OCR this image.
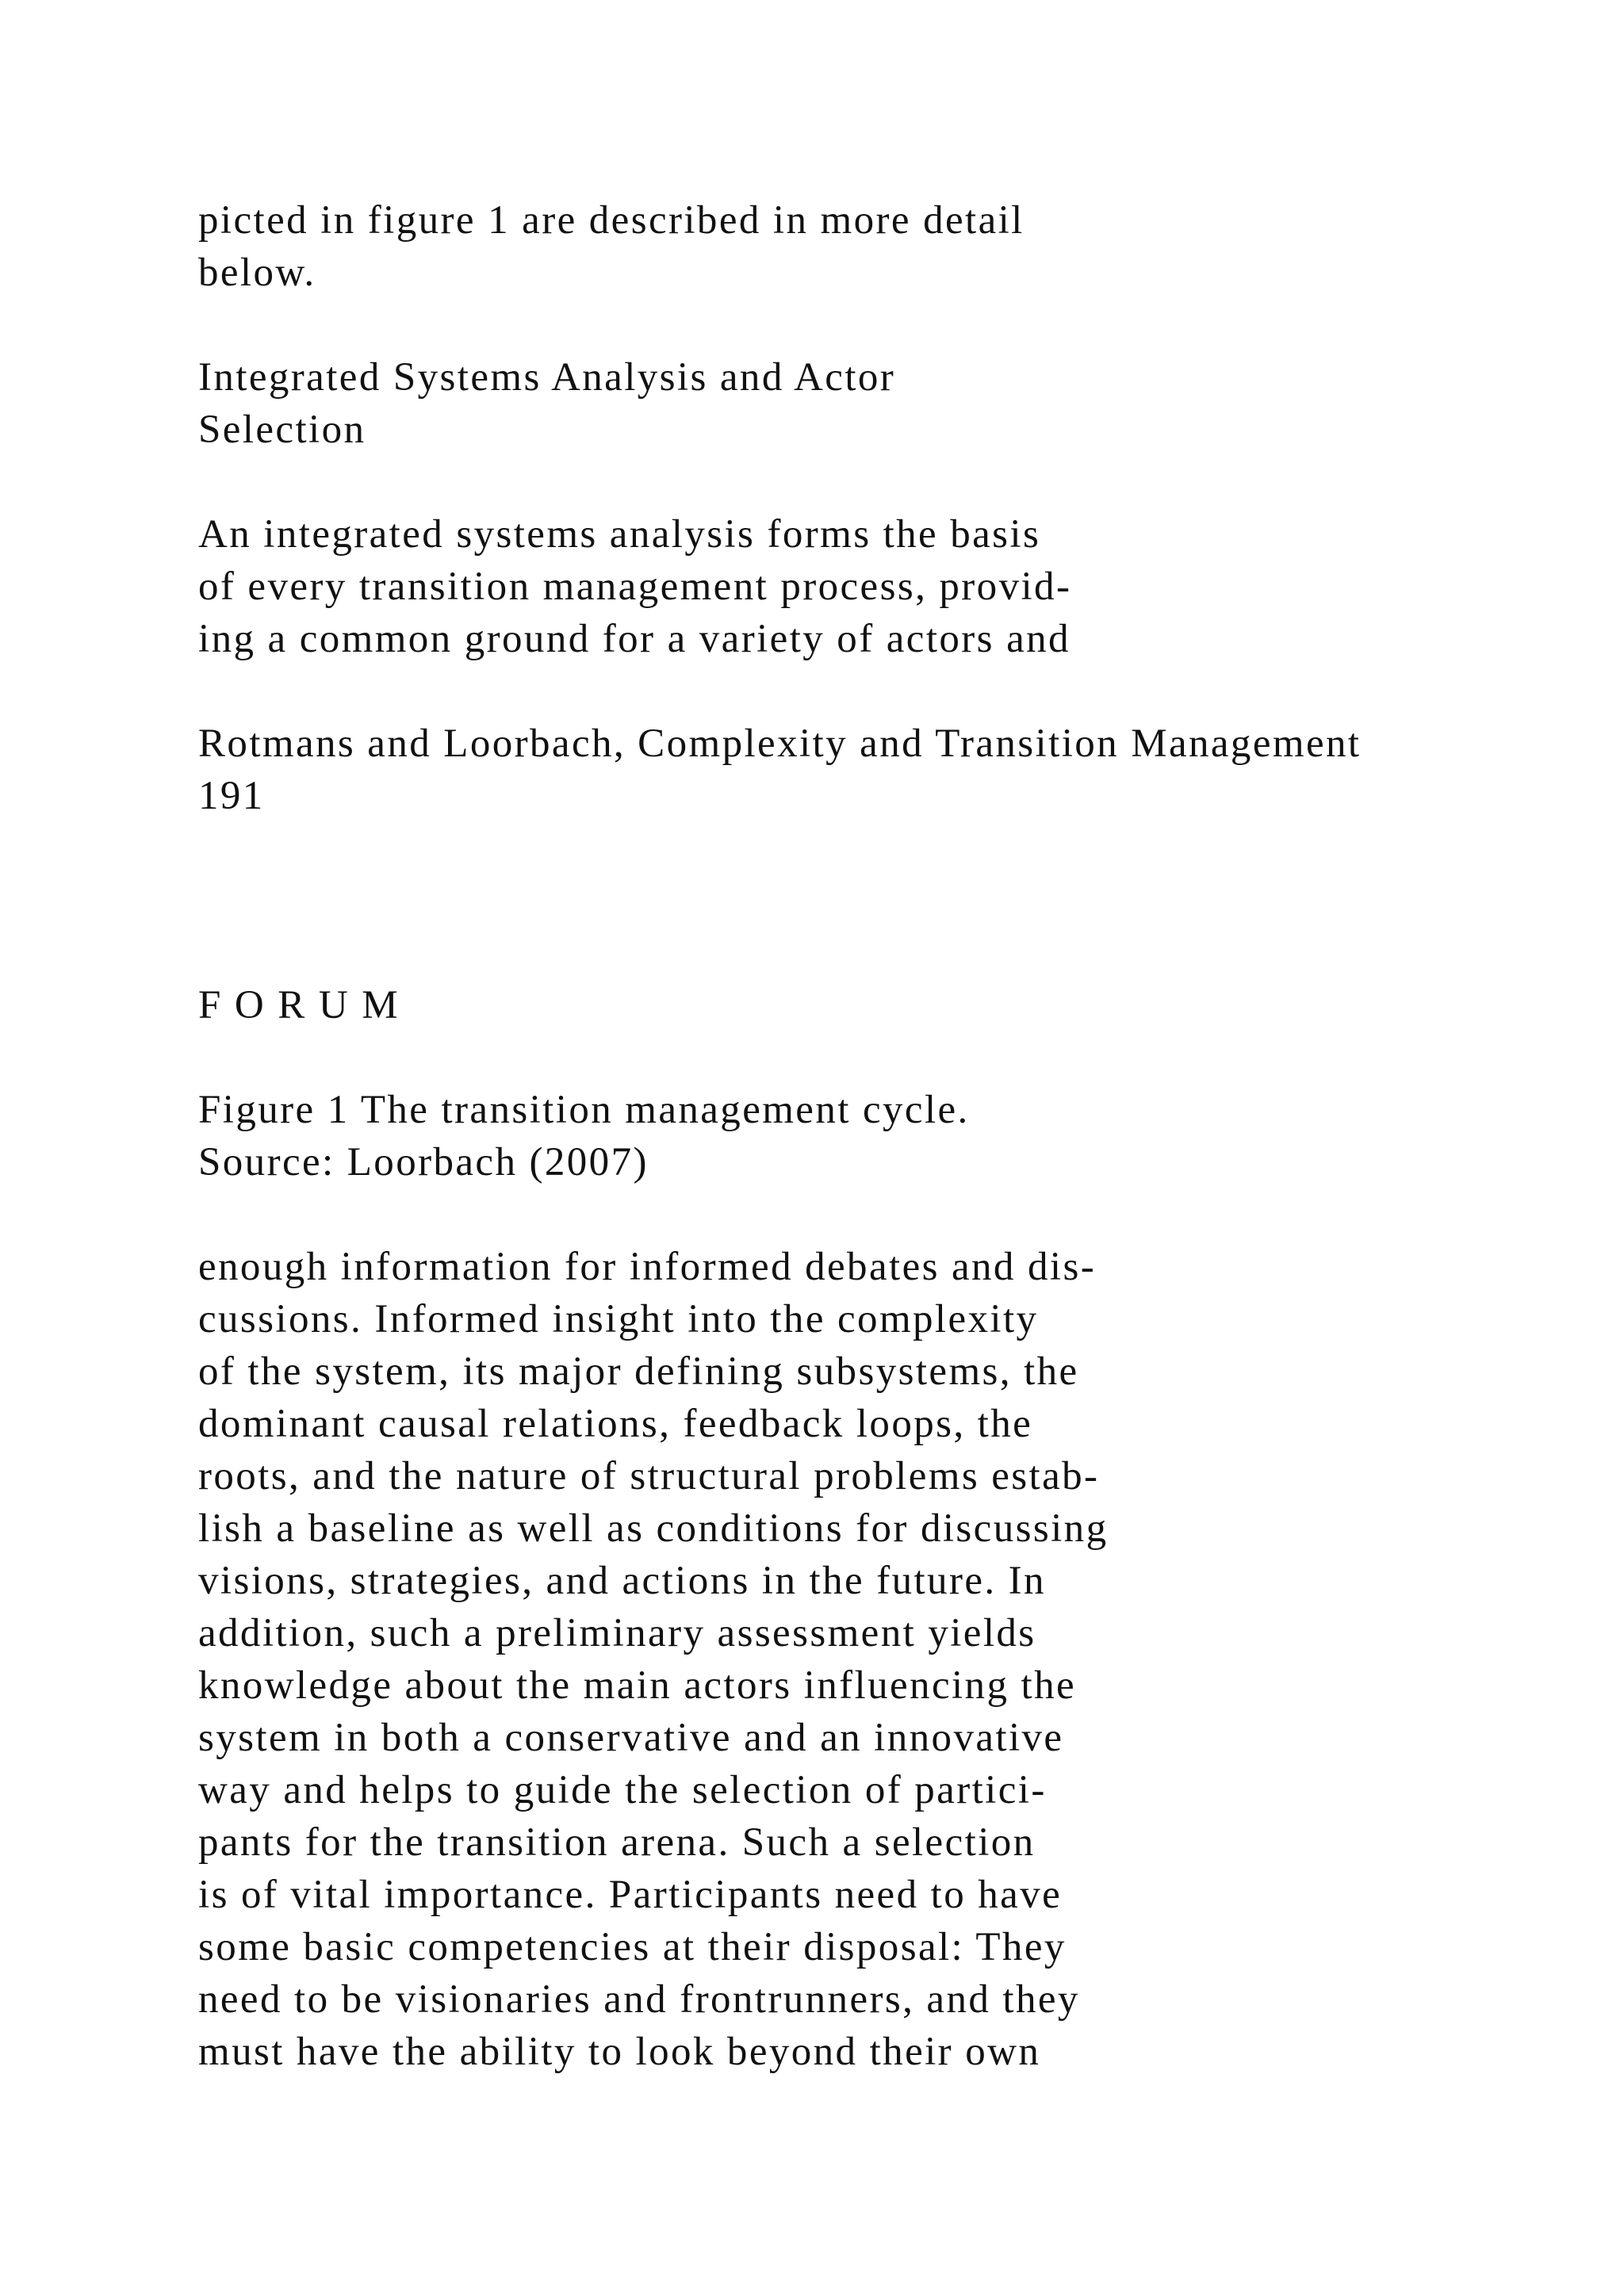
picted in figure 1 are described in more detail
below.
Integrated Systems Analysis and Actor
Selection
An integrated systems analysis forms the basis
of every transition management process, provid-
ing a common ground for a variety of actors and
Rotmans and Loorbach, Complexity and Transition Management
191
F O R U M
Figure 1 The transition management cycle.
Source: Loorbach (2007)
enough information for informed debates and dis-
cussions. Informed insight into the complexity
of the system, its major defining subsystems, the
dominant causal relations, feedback loops, the
roots, and the nature of structural problems estab-
lish a baseline as well as conditions for discussing
visions, strategies, and actions in the future. In
addition, such a preliminary assessment yields
knowledge about the main actors influencing the
system in both a conservative and an innovative
way and helps to guide the selection of partici-
pants for the transition arena. Such a selection
is of vital importance. Participants need to have
some basic competencies at their disposal: They
need to be visionaries and frontrunners, and they
must have the ability to look beyond their own
